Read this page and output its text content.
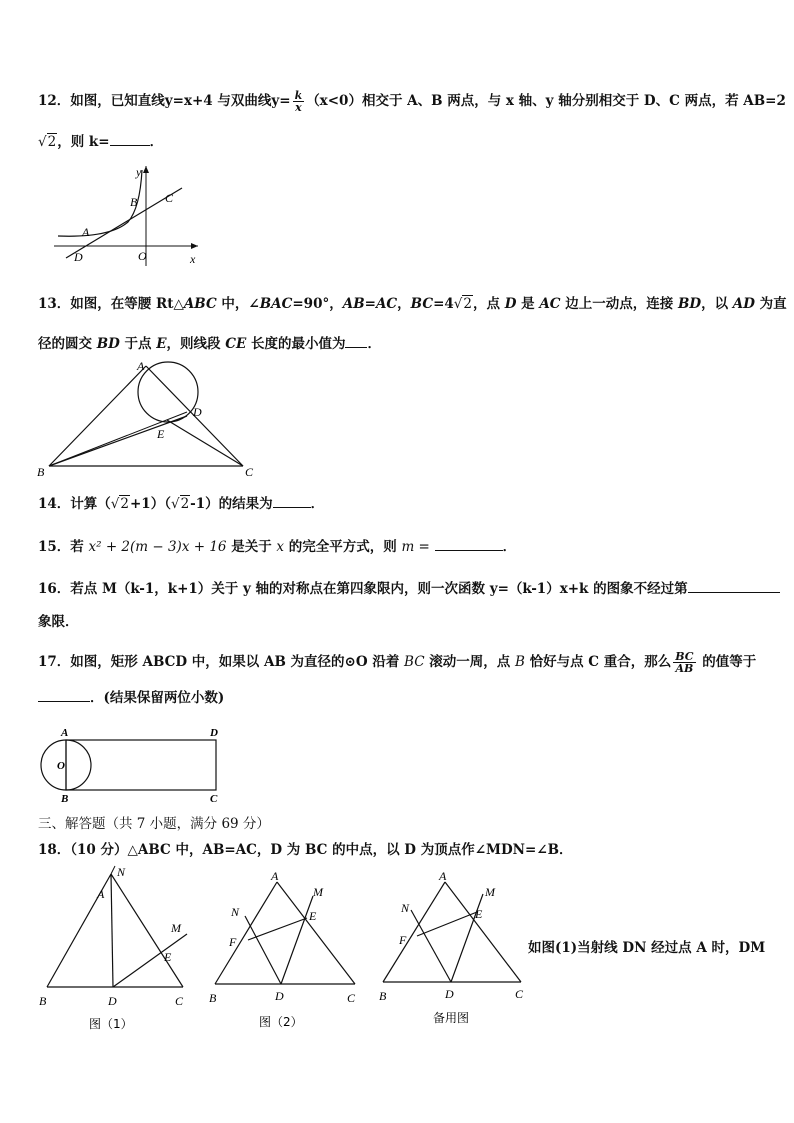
12．如图，已知直线y=x+4 与双曲线$y= \frac{k}{x} (x<0)$相交于 A、B 两点，与 x 轴、y 轴分别相交于 D、C 两点，若 AB=2
√2，则 k=	．
y
B C
A
D	O	x
13．如图，在等腰 Rt△ABC 中，∠BAC=90°，AB=AC，BC=4√2，点 D 是 AC 边上一动点，连接 BD，以 AD 为直
径的圆交 BD 于点 E，则线段 CE 长度的最小值为 ．
A
D
E
B	C
14．计算（√2+1）（√2-1）的结果为	．
15．若 x² + 2(m − 3)x + 16 是关于 x 的完全平方式，则 m =	．
16．若点 M（k-1，k+1）关于 y 轴的对称点在第四象限内，则一次函数 y=（k-1）x+k 的图象不经过第
象限．
17．如图，矩形 ABCD 中，如果以 AB 为直径的⊙O 沿着 BC 滚动一周，点 B 恰好与点 C 重合，那么 $\frac{BC}{AB}$ 的值等于
．(结果保留两位小数)
A	D
O
B	C
三、解答题（共 7 小题，满分 69 分）
18．（10 分）△ABC 中，AB=AC，D 为 BC 的中点，以 D 为顶点作∠MDN=∠B．
N
A
M
E
B	D	C
图（1）
A
M
N	E
F
B	D	C
图（2）
A
M
N	E
F
B	D	C
备用图
如图(1)当射线 DN 经过点 A 时，DM
